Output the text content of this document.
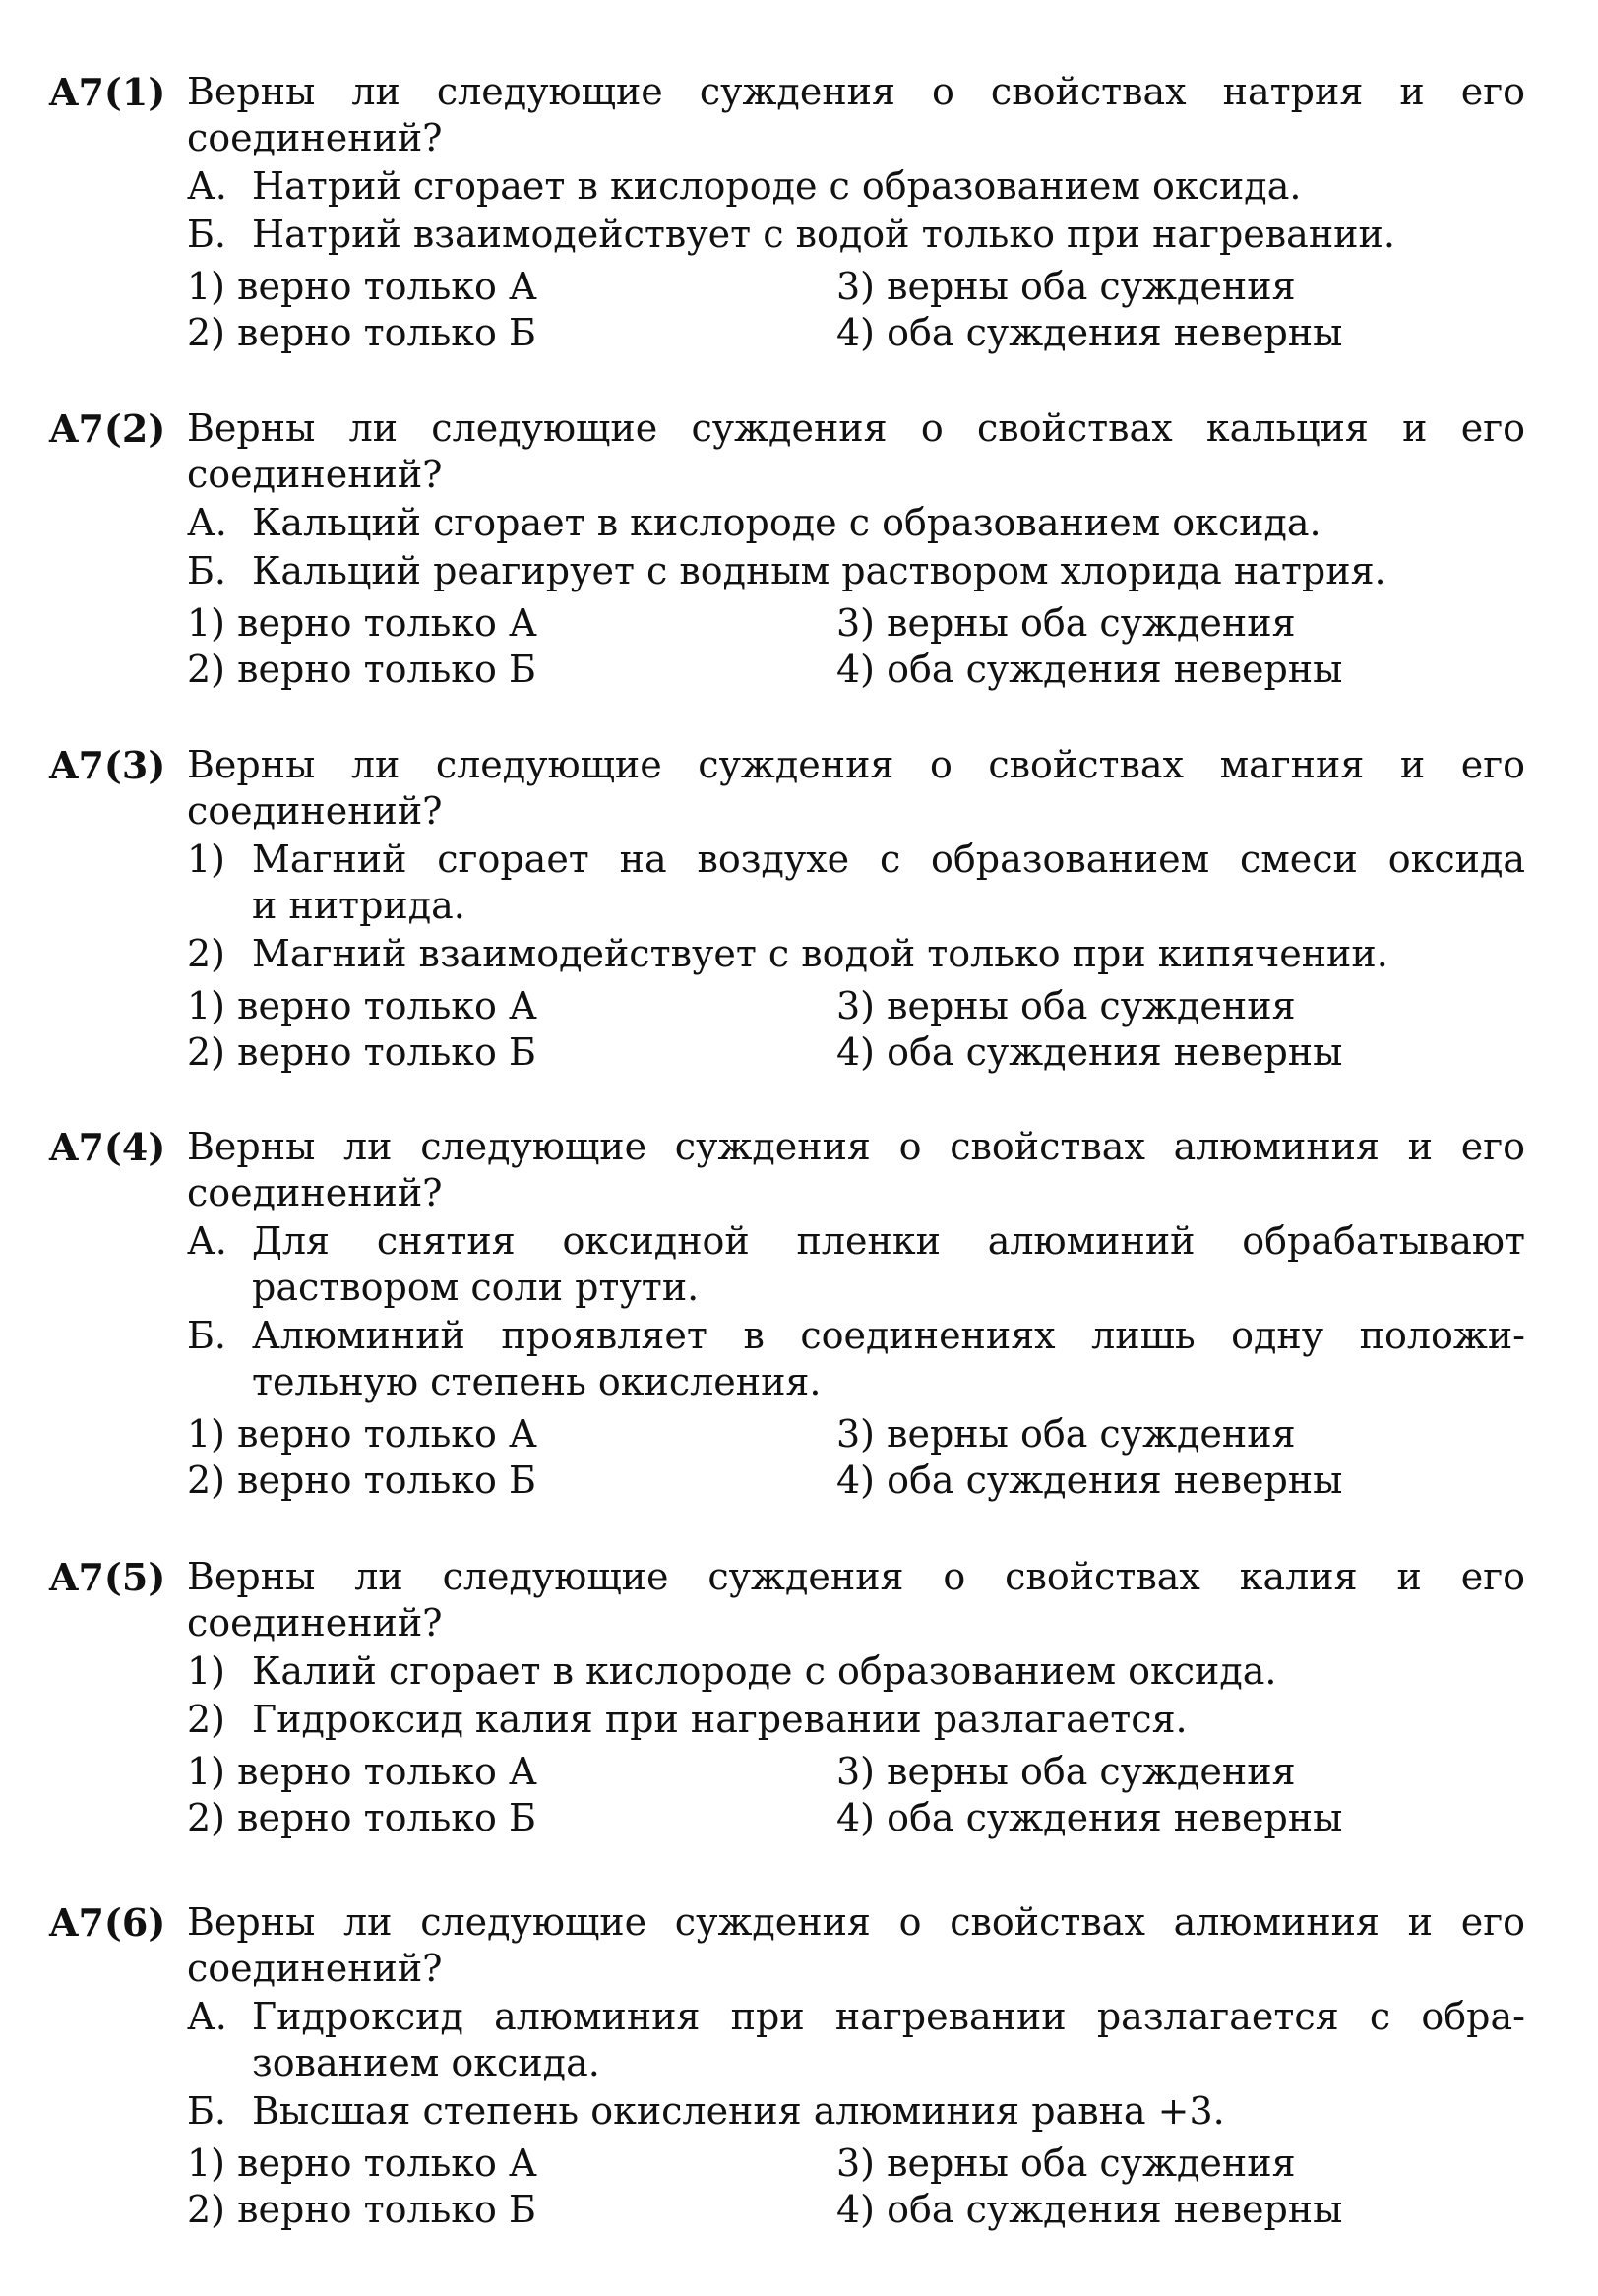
A7(1) Верны ли следующие суждения о свойствах натрия и его
соединений?
А. Натрий сгорает в кислороде с образованием оксида.
Б. Натрий взаимодействует с водой только при нагревании.
1) верно только А	3) верны оба суждения
2) верно только Б	4) оба суждения неверны
A7(2) Верны ли следующие суждения о свойствах кальция и его
соединений?
А. Кальций сгорает в кислороде с образованием оксида.
Б. Кальций реагирует с водным раствором хлорида натрия.
1) верно только А	3) верны оба суждения
2) верно только Б	4) оба суждения неверны
A7(3) Верны ли следующие суждения о свойствах магния и его
соединений?
1) Магний сгорает на воздухе с образованием смеси оксида
и нитрида.
2) Магний взаимодействует с водой только при кипячении.
1) верно только А	3) верны оба суждения
2) верно только Б	4) оба суждения неверны
A7(4) Верны ли следующие суждения о свойствах алюминия и его
соединений?
А. Для снятия оксидной пленки алюминий обрабатывают
раствором соли ртути.
Б. Алюминий проявляет в соединениях лишь одну положи-
тельную степень окисления.
1) верно только А	3) верны оба суждения
2) верно только Б	4) оба суждения неверны
A7(5) Верны ли следующие суждения о свойствах калия и его
соединений?
1) Калий сгорает в кислороде с образованием оксида.
2) Гидроксид калия при нагревании разлагается.
1) верно только А	3) верны оба суждения
2) верно только Б	4) оба суждения неверны
A7(6) Верны ли следующие суждения о свойствах алюминия и его
соединений?
А. Гидроксид алюминия при нагревании разлагается с обра-
зованием оксида.
Б. Высшая степень окисления алюминия равна +3.
1) верно только А	3) верны оба суждения
2) верно только Б	4) оба суждения неверны
